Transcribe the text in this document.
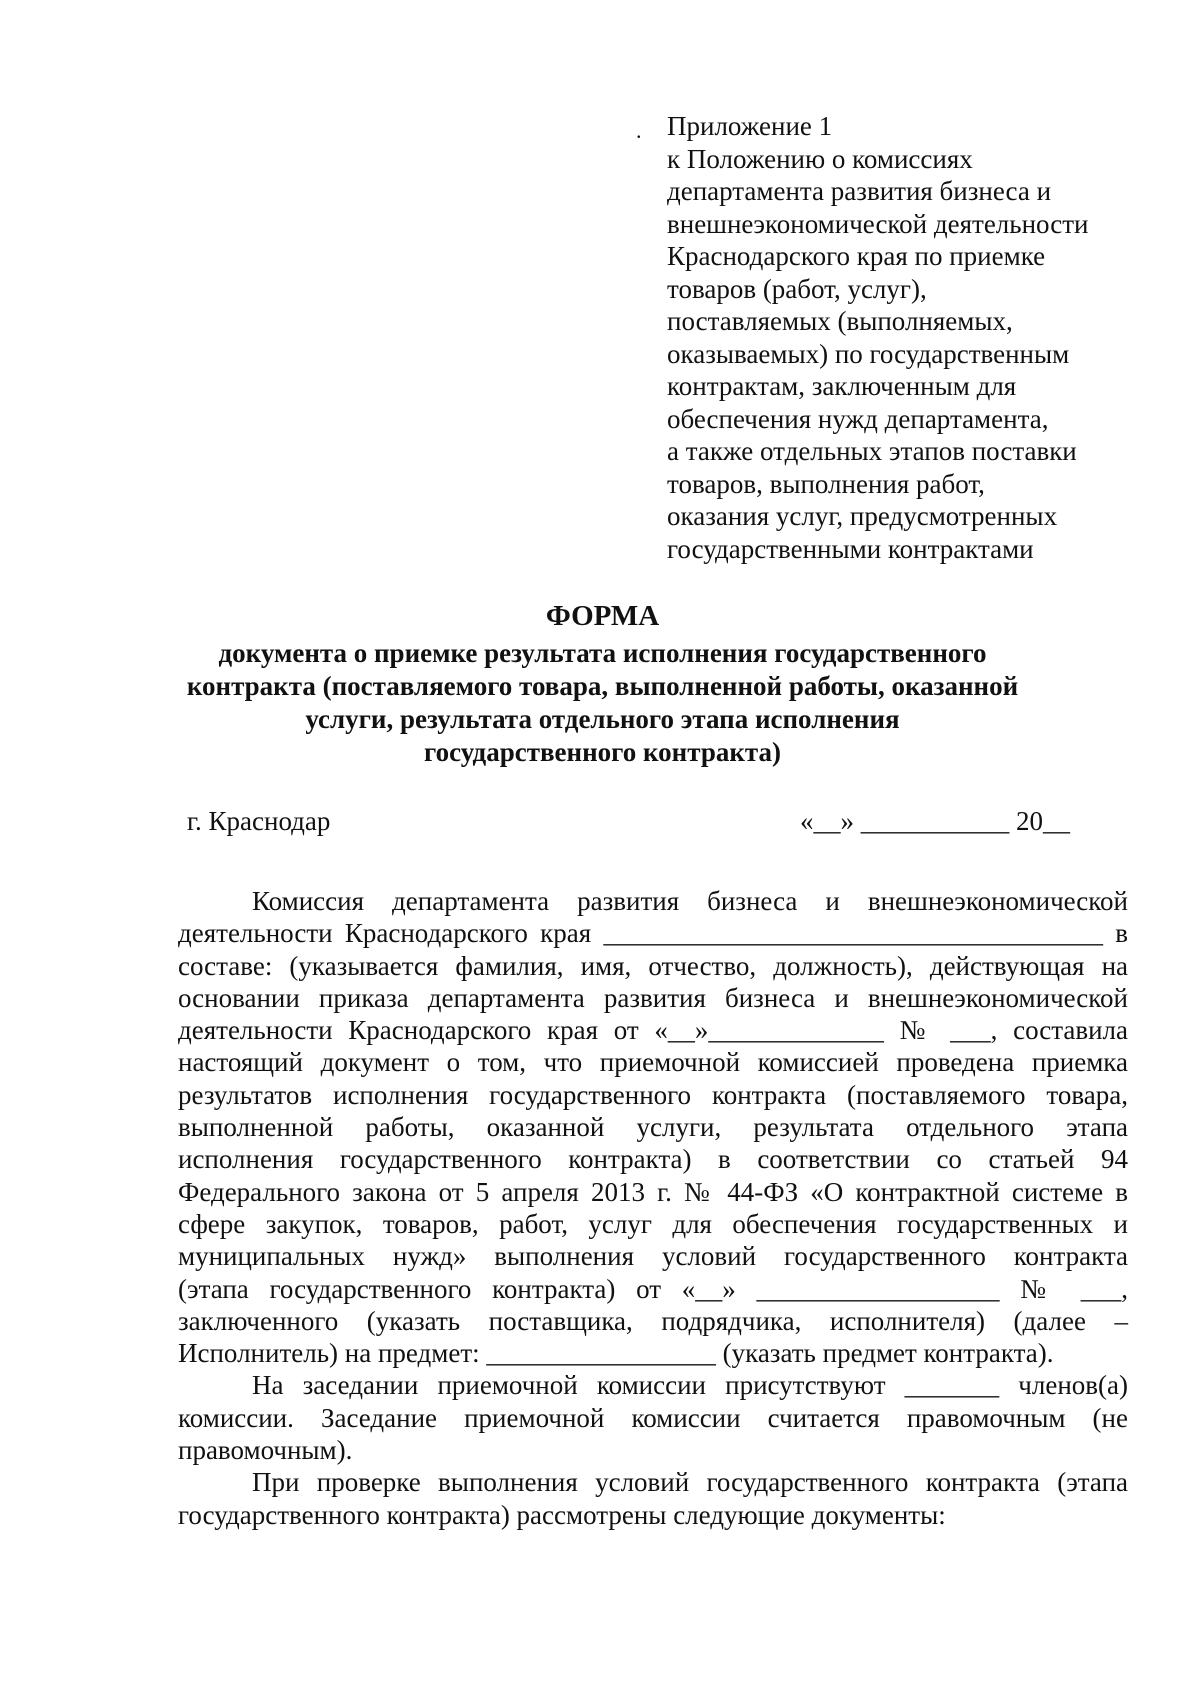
. Приложение 1
к Положению о комиссиях
департамента развития бизнеса и
внешнеэкономической деятельности
Краснодарского края по приемке
товаров (работ, услуг),
поставляемых (выполняемых,
оказываемых) по государственным
контрактам, заключенным для
обеспечения нужд департамента,
а также отдельных этапов поставки
товаров, выполнения работ,
оказания услуг, предусмотренных
государственными контрактами
ФОРМА
документа о приемке результата исполнения государственного
контракта (поставляемого товара, выполненной работы, оказанной
услуги, результата отдельного этапа исполнения
государственного контракта)
г. Краснодар	«__» ___________ 20__
Комиссия департамента развития бизнеса и внешнеэкономической
деятельности Краснодарского края _____________________________________ в
составе: (указывается фамилия, имя, отчество, должность), действующая на
основании приказа департамента развития бизнеса и внешнеэкономической
деятельности Краснодарского края от «__»_____________ № ___, составила
настоящий документ о том, что приемочной комиссией проведена приемка
результатов исполнения государственного контракта (поставляемого товара,
выполненной работы, оказанной услуги, результата отдельного этапа
исполнения государственного контракта) в соответствии со статьей 94
Федерального закона от 5 апреля 2013 г. № 44-ФЗ «О контрактной системе в
сфере закупок, товаров, работ, услуг для обеспечения государственных и
муниципальных нужд» выполнения условий государственного контракта
(этапа государственного контракта) от «__» __________________ № ___,
заключенного (указать поставщика, подрядчика, исполнителя) (далее –
Исполнитель) на предмет: _________________ (указать предмет контракта).
На заседании приемочной комиссии присутствуют _______ членов(а)
комиссии. Заседание приемочной комиссии считается правомочным (не
правомочным).
При проверке выполнения условий государственного контракта (этапа
государственного контракта) рассмотрены следующие документы:
